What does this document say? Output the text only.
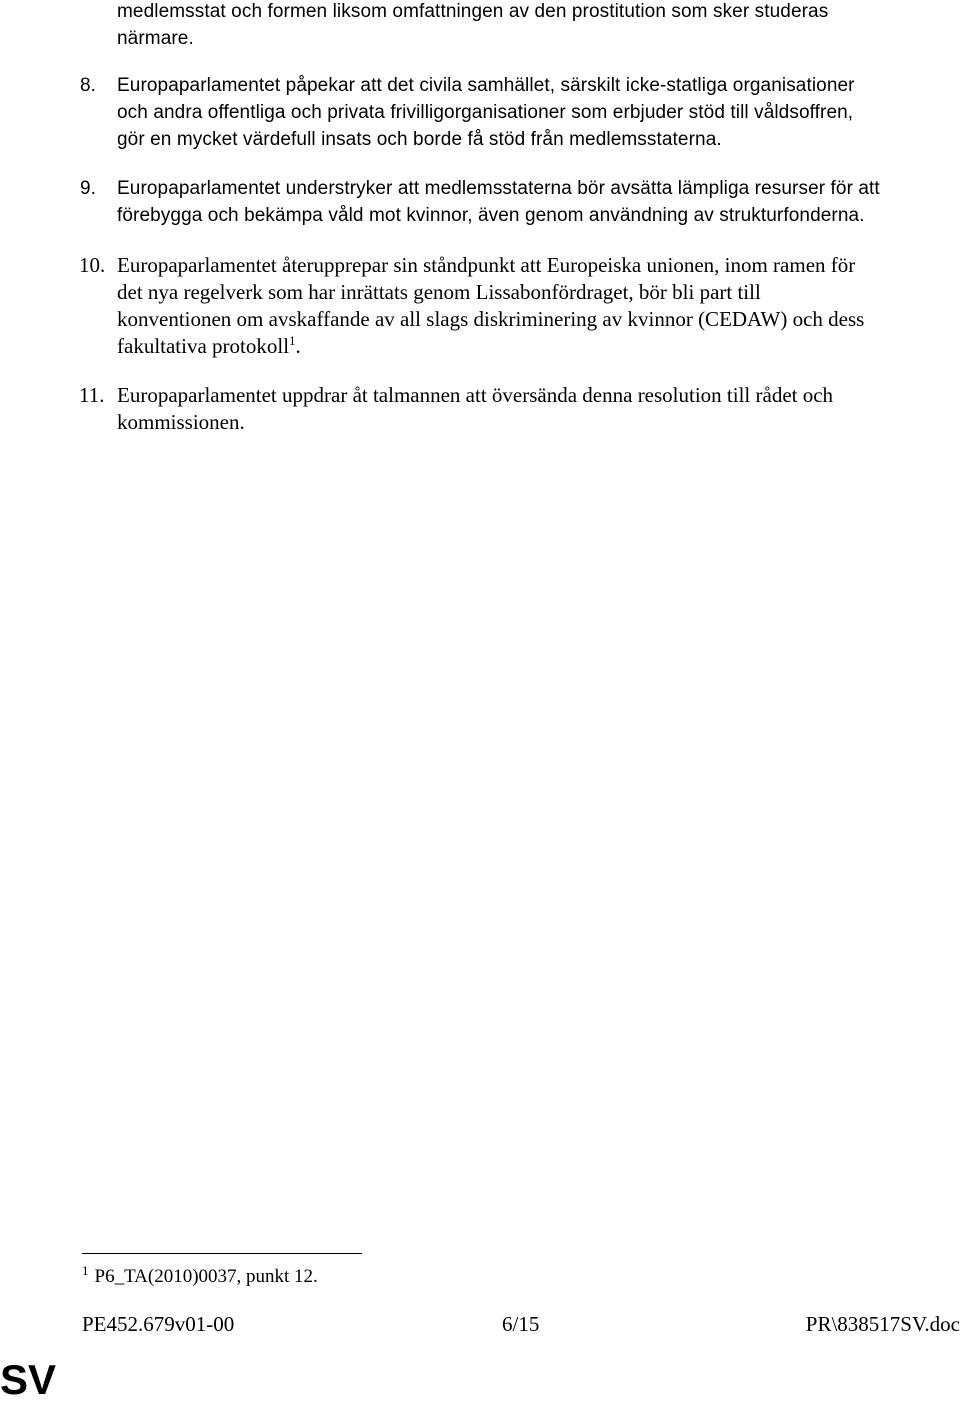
medlemsstat och formen liksom omfattningen av den prostitution som sker studeras
närmare.
8. Europaparlamentet påpekar att det civila samhället, särskilt icke-statliga organisationer
och andra offentliga och privata frivilligorganisationer som erbjuder stöd till våldsoffren,
gör en mycket värdefull insats och borde få stöd från medlemsstaterna.
9. Europaparlamentet understryker att medlemsstaterna bör avsätta lämpliga resurser för att
förebygga och bekämpa våld mot kvinnor, även genom användning av strukturfonderna.
10. Europaparlamentet återupprepar sin ståndpunkt att Europeiska unionen, inom ramen för
det nya regelverk som har inrättats genom Lissabonfördraget, bör bli part till
konventionen om avskaffande av all slags diskriminering av kvinnor (CEDAW) och dess
fakultativa protokoll$^1$.
11. Europaparlamentet uppdrar åt talmannen att översända denna resolution till rådet och
kommissionen.
$^1$ P6_TA(2010)0037, punkt 12.
PE452.679v01-00	6/15	PR\838517SV.doc
SV
